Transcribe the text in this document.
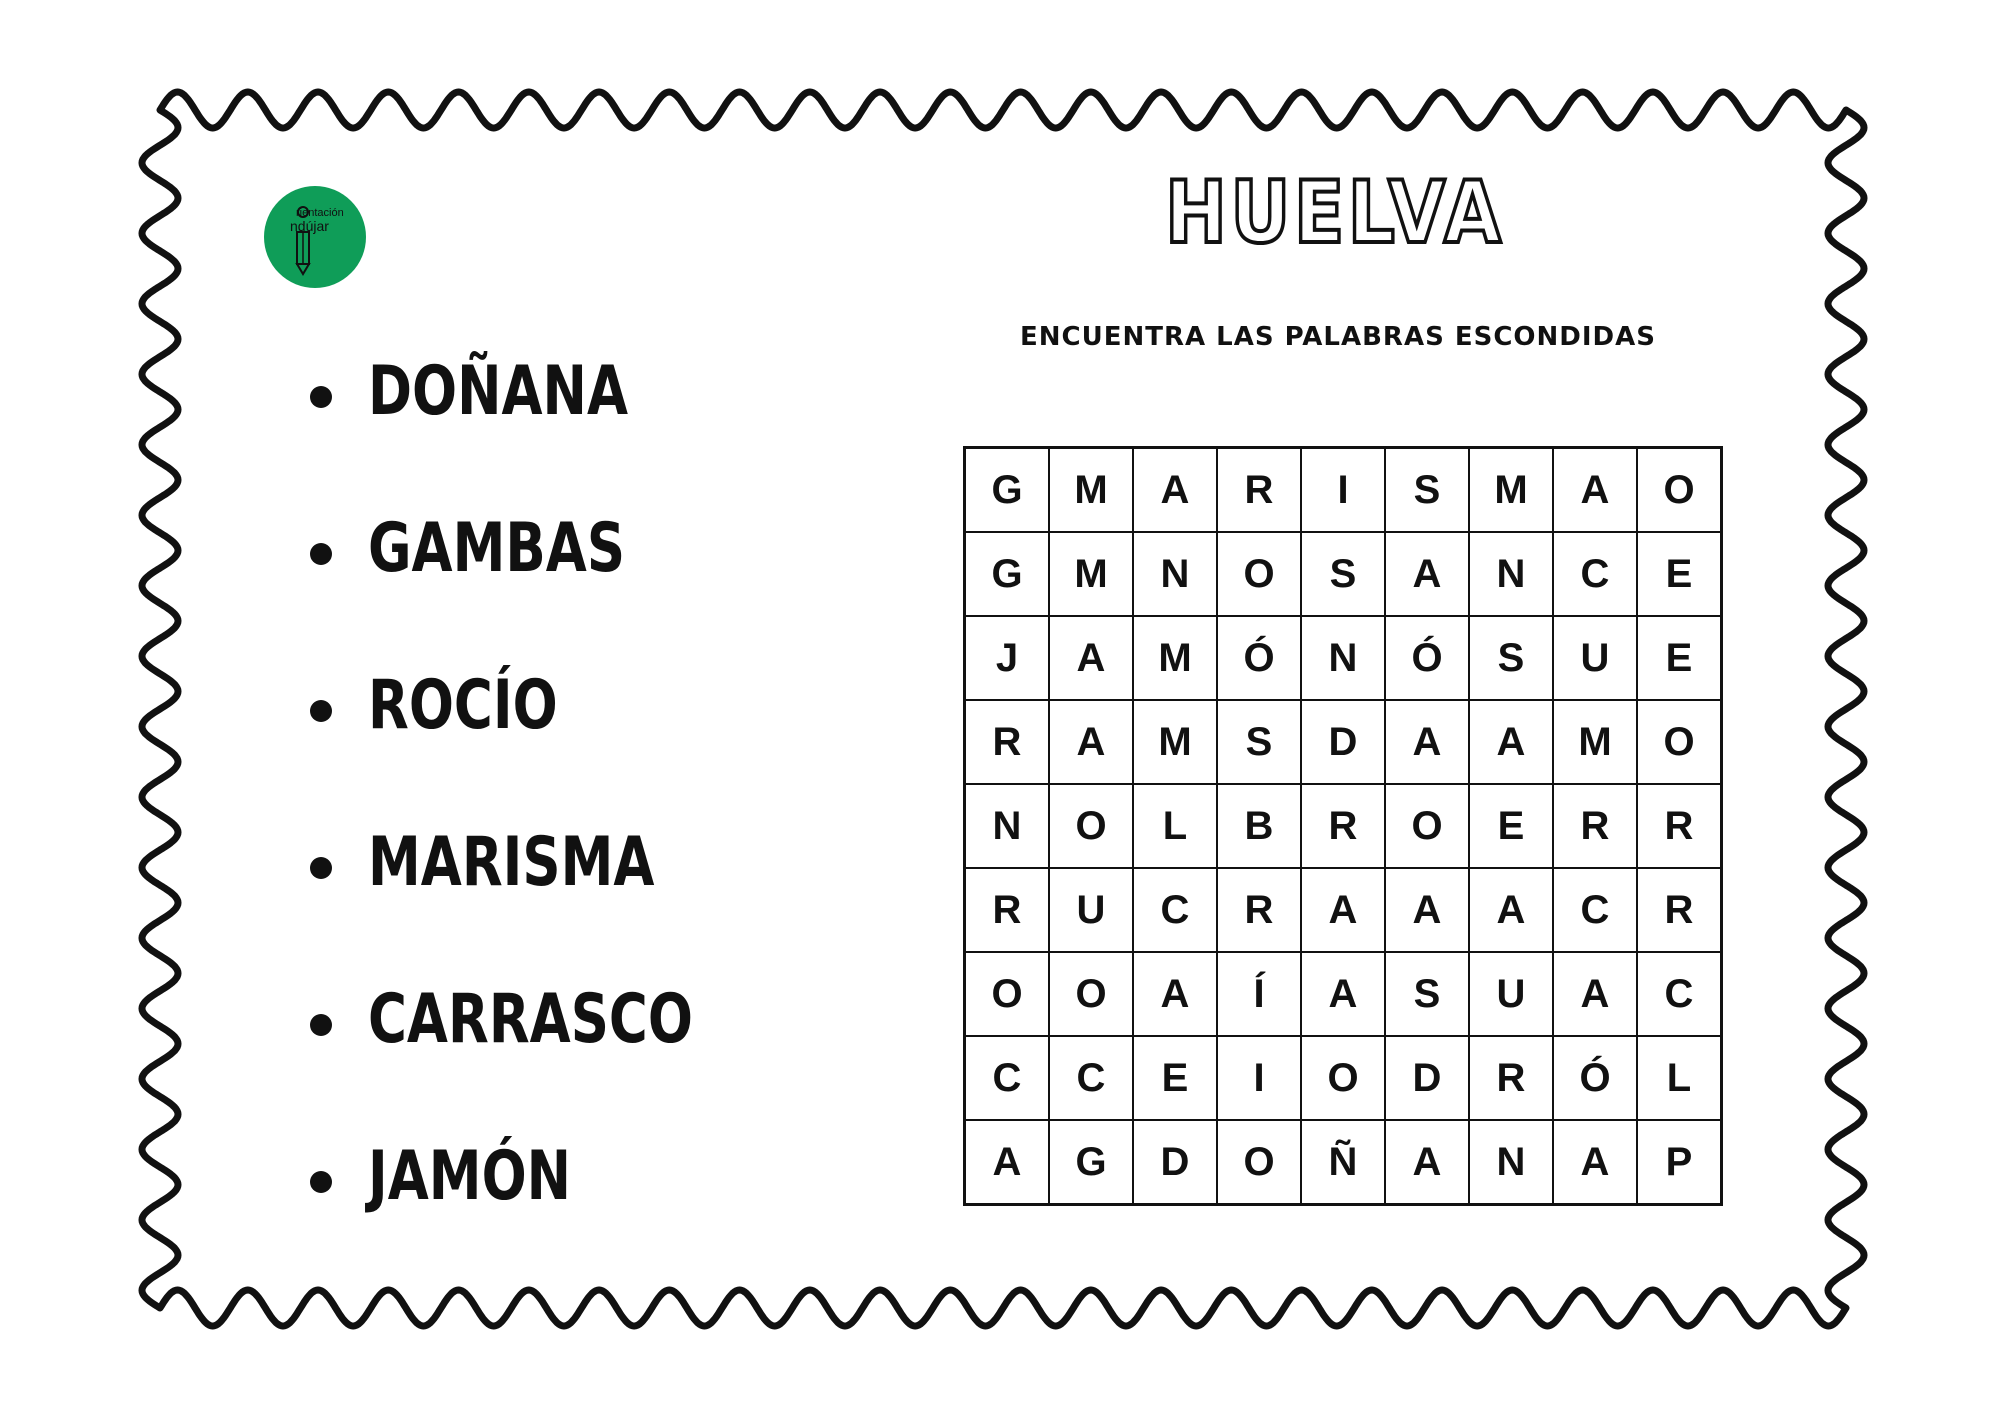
rientación
ndújar	HUELVA
ENCUENTRA LAS PALABRAS ESCONDIDAS
DOÑANA
GAMBAS
ROCÍO
MARISMA
CARRASCO
JAMÓN
G	M	A	R	I	S	M	A	O
G	M	N	O	S	A	N	C	E
J	A	M	Ó	N	Ó	S	U	E
R	A	M	S	D	A	A	M	O
N	O	L	B	R	O	E	R	R
R	U	C	R	A	A	A	C	R
O	O	A	Í	A	S	U	A	C
C	C	E	I	O	D	R	Ó	L
A	G	D	O	Ñ	A	N	A	P
